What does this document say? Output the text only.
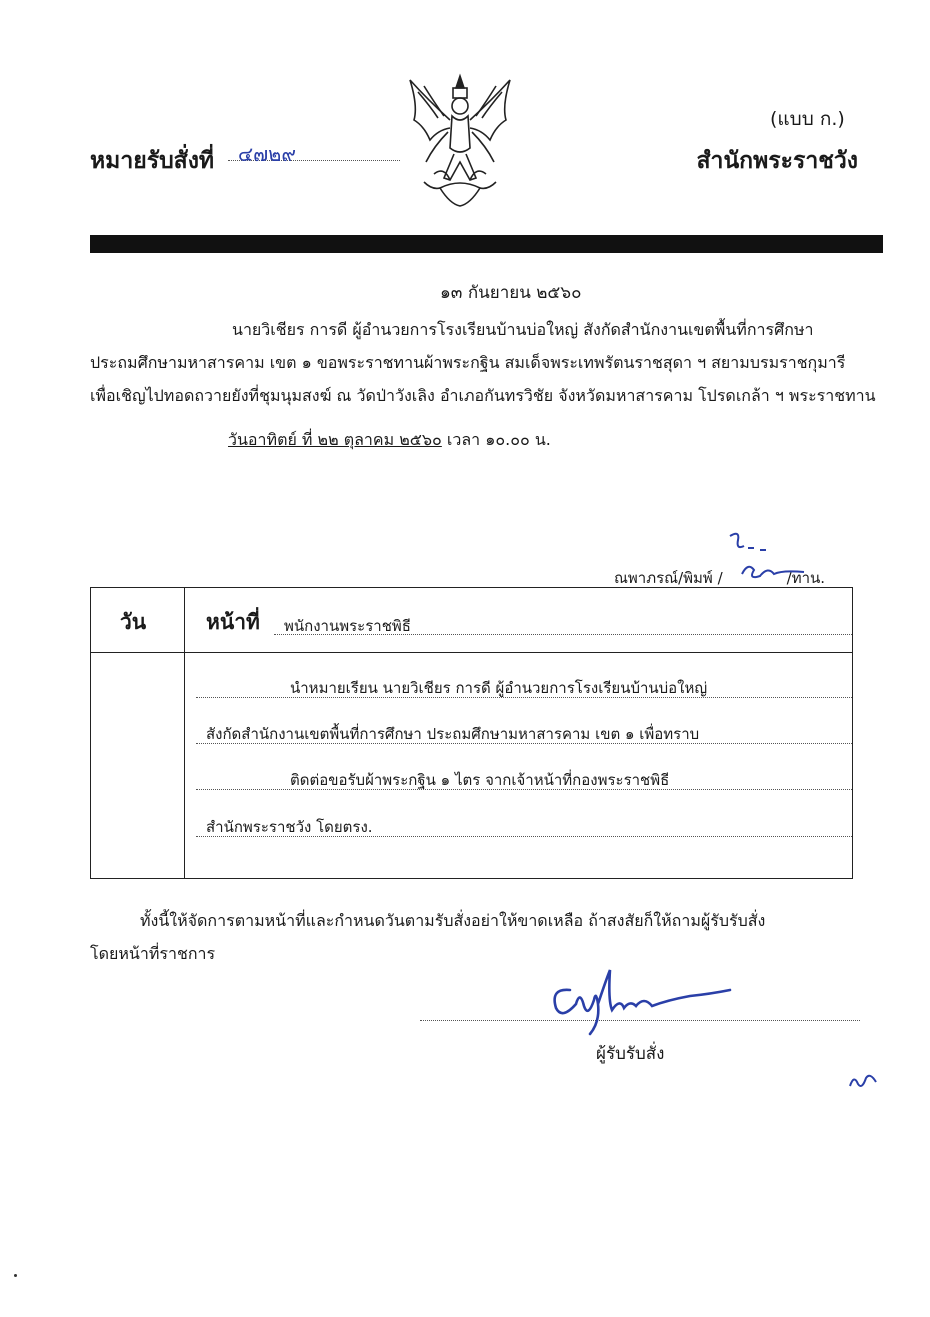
(แบบ ก.)
หมายรับสั่งที่ ๔๗๒๙	สำนักพระราชวัง
๑๓ กันยายน ๒๕๖๐
นายวิเชียร การดี ผู้อำนวยการโรงเรียนบ้านบ่อใหญ่ สังกัดสำนักงานเขตพื้นที่การศึกษา
ประถมศึกษามหาสารคาม เขต ๑ ขอพระราชทานผ้าพระกฐิน สมเด็จพระเทพรัตนราชสุดา ฯ สยามบรมราชกุมารี
เพื่อเชิญไปทอดถวายยังที่ชุมนุมสงฆ์ ณ วัดป่าวังเลิง อำเภอกันทรวิชัย จังหวัดมหาสารคาม โปรดเกล้า ฯ พระราชทาน
วันอาทิตย์ ที่ ๒๒ ตุลาคม ๒๕๖๐ เวลา ๑๐.๐๐ น.
ณพาภรณ์/พิมพ์ /	/ทาน.
วัน	หน้าที่ พนักงานพระราชพิธี
นำหมายเรียน นายวิเชียร การดี ผู้อำนวยการโรงเรียนบ้านบ่อใหญ่
สังกัดสำนักงานเขตพื้นที่การศึกษา ประถมศึกษามหาสารคาม เขต ๑ เพื่อทราบ
ติดต่อขอรับผ้าพระกฐิน ๑ ไตร จากเจ้าหน้าที่กองพระราชพิธี
สำนักพระราชวัง โดยตรง.
ทั้งนี้ให้จัดการตามหน้าที่และกำหนดวันตามรับสั่งอย่าให้ขาดเหลือ ถ้าสงสัยก็ให้ถามผู้รับรับสั่ง
โดยหน้าที่ราชการ
ผู้รับรับสั่ง
